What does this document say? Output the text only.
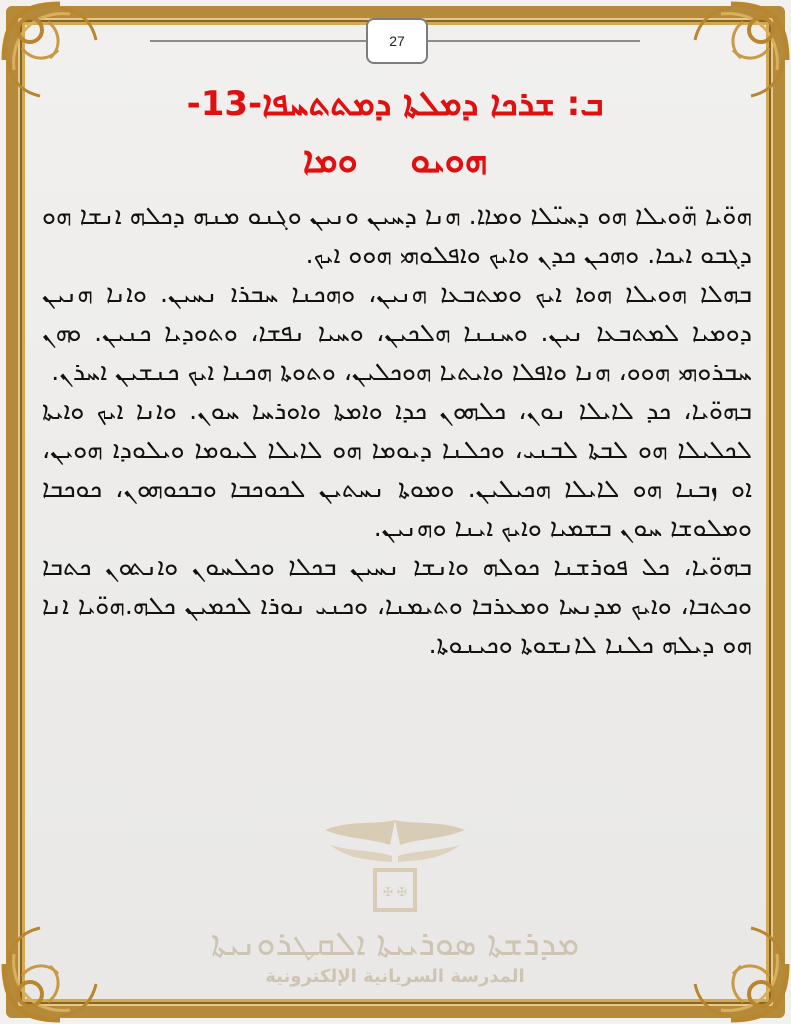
27
ܒ: ܫܪܟܐ ܕܡܠܬܐ ܕܡܬܬܚܦܐ-13-
ܗܘܝܘ ܘܡܐ

ܗܘ̈ܝܐ ܗ̈ܘܝܠܐ ܗܘ ܕܚܝ̈ܠܐ ܘܡܐܐ. ܗܢܐ ܕܚܝܢ ܘܢܝܢ ܘܓܢܘ ܡܢܗ ܕܟܠܗ ܐܢܫܐ ܗܘ ܕܓܒܘ ܐܝܟܐ. ܘܗܟܢ ܟܕܢ ܘܐܝܟ ܘܐܦܠܘܗܝ ܗܘܘ ܐܝܟ.

ܒܗܠܐ ܗܘܝܠܐ ܗܘܐ ܐܝܟ ܘܡܬܒܥܐ ܗܢܝܢ، ܘܗܟܢܐ ܚܒܪܐ ܢܚܝܢ. ܘܐܢܐ ܗܢܝܢ ܕܘܡܝܐ ܠܡܬܒܥܐ ܢܝܢ. ܘܚܢܢܐ ܗܠܟܝܢ، ܘܚܝܐ ܢܦܫܐ، ܘܬܘܕܝܐ ܟܢܝܢ. ܘܗܢ ܚܒܪܘܗܝ ܗܘܘ، ܗܢܐ ܘܐܦܠܐ ܘܐܝܬܝܐ ܗܘܟܠܝܢ، ܘܬܘܬܐ ܗܟܢܐ ܐܝܟ ܟܢܫܝܢ ܐܚܪܢ.

ܒܗܘ̈ܝܐ، ܟܕ ܠܐܝܠܐ ܢܘܢ، ܟܠܗܘܢ ܟܕܐ ܘܐܡܬܐ ܘܐܘܪܚܐ ܚܘܢ. ܘܐܢܐ ܐܝܟ ܘܐܝܬܐ ܠܟܠܝܠܐ ܗܘ ܠܒܬܐ ܠܒܢܝ، ܘܟܠܢܐ ܕܝܘܡܐ ܗܘ ܠܐܝܠܐ ܠܝܘܡܐ ܘܝܠܘܕܐ ܗܘܝܢ، ܐܘ ܙܒܢܐ ܗܘ ܠܐܝܠܐ ܗܟܝܠܝܢ. ܘܡܘܬܐ ܢܚܬܝܢ ܠܟܘܟܒܐ ܘܒܟܘܗܘܢ، ܟܘܟܒܐ ܘܡܠܘܫܐ ܚܘܢ ܒܫܡܝܐ ܘܐܝܟ ܐܝܢܐ ܘܗܢܝܢ.

ܒܗܘ̈ܝܐ، ܟܠ ܦܘܪܫܢܐ ܟܘܠܗ ܘܐܢܫܐ ܢܚܝܢ ܒܟܠܐ ܘܟܠܚܘܢ ܘܐܢܬܘܢ ܟܬܒܐ ܘܟܬܒܐ، ܘܐܝܟ ܡܕܢܚܐ ܘܡܥܪܒܐ ܘܬܝܡܢܐ، ܘܟܢܝ ܢܘܪܐ ܠܟܡܝܢ ܟܠܗ.ܗܘ̈ܝܐ ܐܢܐ ܗܘ ܕܝܠܗ ܟܠܢܐ ܠܐܢܫܘܬܐ ܘܟܝܢܘܬܐ.

✠ ✠
ܡܕܪܫܬܐ ܣܘܪܝܝܬܐ ܐܠܩܛܪܘܢܝܬܐ
المدرسة السريانية الإلكترونية
